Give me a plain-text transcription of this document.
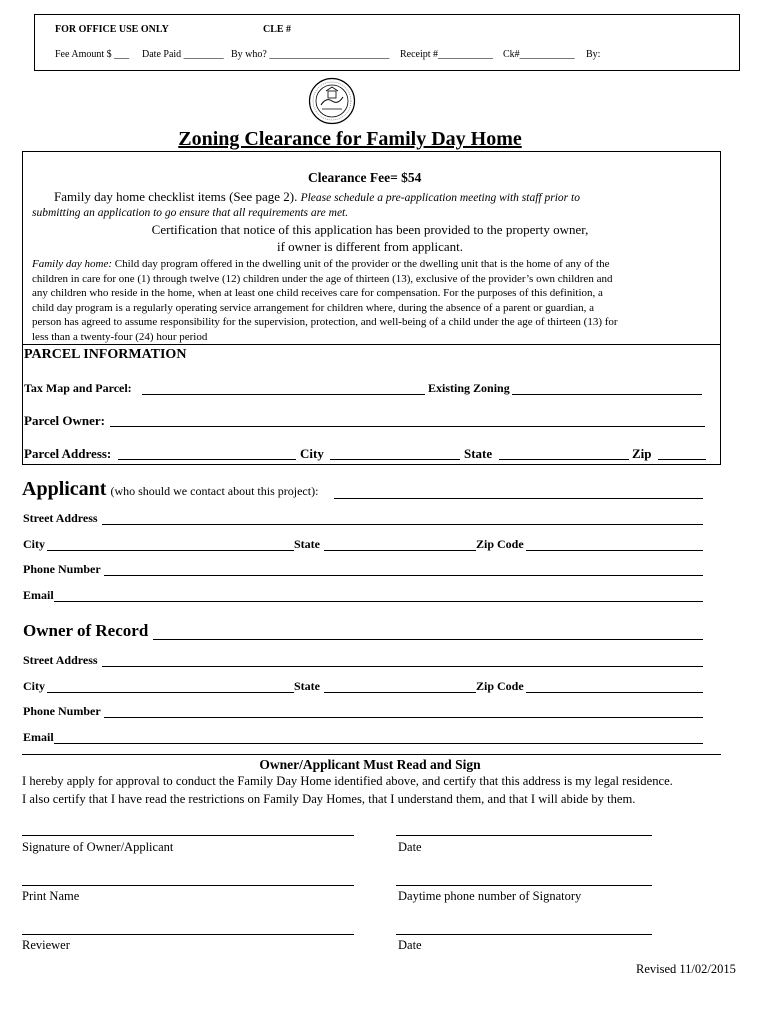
FOR OFFICE USE ONLY	CLE #
Fee Amount $ ___ Date Paid ________ By who? ________________________ Receipt #___________ Ck#___________ By:
Zoning Clearance for Family Day Home
Clearance Fee= $54
Family day home checklist items (See page 2). Please schedule a pre-application meeting with staff prior to
submitting an application to go ensure that all requirements are met.
Certification that notice of this application has been provided to the property owner,
if owner is different from applicant.
Family day home: Child day program offered in the dwelling unit of the provider or the dwelling unit that is the home of any of the
children in care for one (1) through twelve (12) children under the age of thirteen (13), exclusive of the provider’s own children and
any children who reside in the home, when at least one child receives care for compensation. For the purposes of this definition, a
child day program is a regularly operating service arrangement for children where, during the absence of a parent or guardian, a
person has agreed to assume responsibility for the supervision, protection, and well-being of a child under the age of thirteen (13) for
less than a twenty-four (24) hour period
PARCEL INFORMATION
Tax Map and Parcel:	Existing Zoning
Parcel Owner:
Parcel Address:	City	State	Zip
Applicant (who should we contact about this project):
Street Address
City	State	Zip Code
Phone Number
Email
Owner of Record
Street Address
City	State	Zip Code
Phone Number
Email
Owner/Applicant Must Read and Sign
I hereby apply for approval to conduct the Family Day Home identified above, and certify that this address is my legal residence.
I also certify that I have read the restrictions on Family Day Homes, that I understand them, and that I will abide by them.
Signature of Owner/Applicant	Date
Print Name	Daytime phone number of Signatory
Reviewer	Date
Revised 11/02/2015
